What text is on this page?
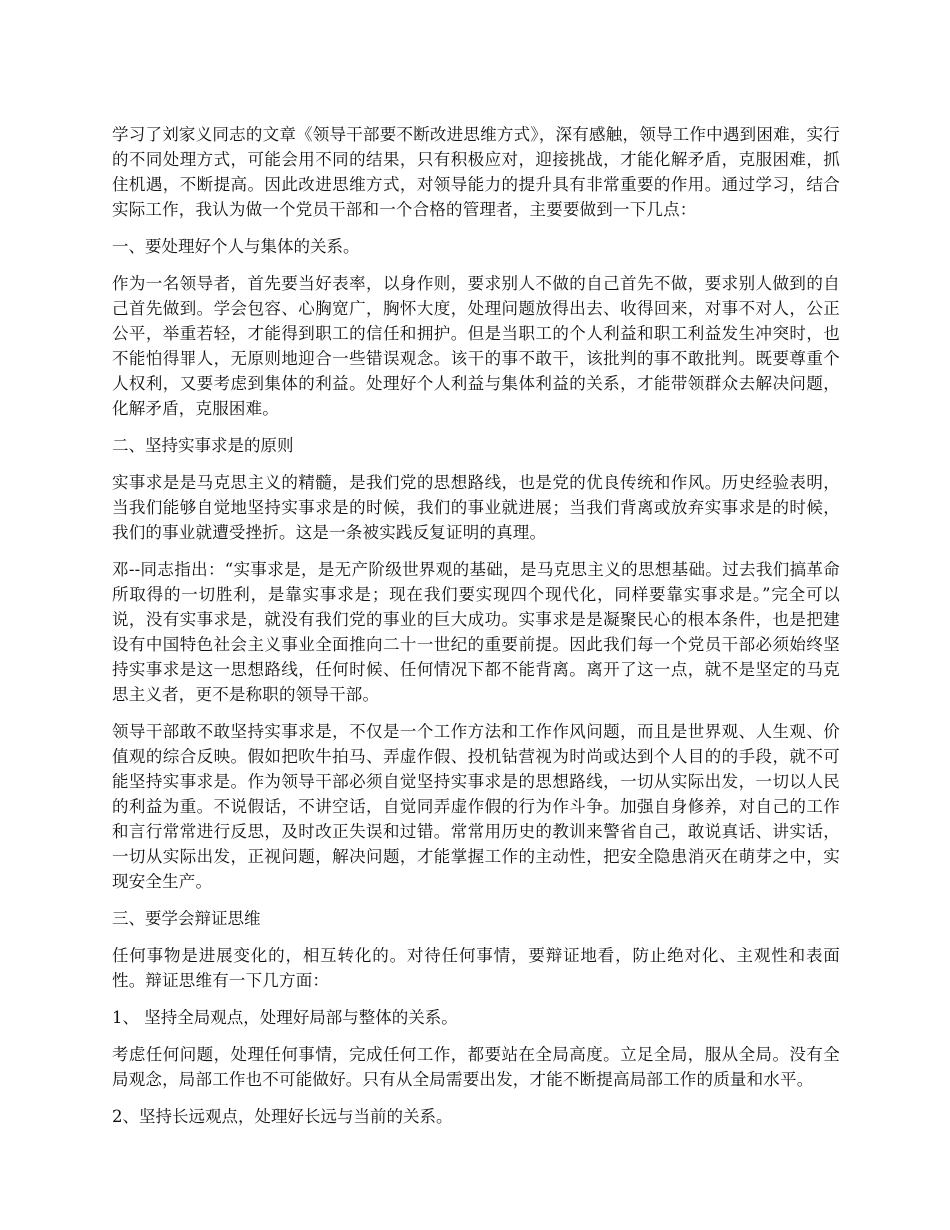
学习了刘家义同志的文章《领导干部要不断改进思维方式》，深有感触，领导工作中遇到困难，实行的不同处理方式，可能会用不同的结果，只有积极应对，迎接挑战，才能化解矛盾，克服困难，抓住机遇，不断提高。因此改进思维方式，对领导能力的提升具有非常重要的作用。通过学习，结合实际工作，我认为做一个党员干部和一个合格的管理者，主要要做到一下几点：

一、要处理好个人与集体的关系。

作为一名领导者，首先要当好表率，以身作则，要求别人不做的自己首先不做，要求别人做到的自己首先做到。学会包容、心胸宽广，胸怀大度，处理问题放得出去、收得回来，对事不对人，公正公平，举重若轻，才能得到职工的信任和拥护。但是当职工的个人利益和职工利益发生冲突时，也不能怕得罪人，无原则地迎合一些错误观念。该干的事不敢干，该批判的事不敢批判。既要尊重个人权利，又要考虑到集体的利益。处理好个人利益与集体利益的关系，才能带领群众去解决问题，化解矛盾，克服困难。

二、坚持实事求是的原则

实事求是是马克思主义的精髓，是我们党的思想路线，也是党的优良传统和作风。历史经验表明，当我们能够自觉地坚持实事求是的时候，我们的事业就进展；当我们背离或放弃实事求是的时候，我们的事业就遭受挫折。这是一条被实践反复证明的真理。

邓--同志指出：“实事求是，是无产阶级世界观的基础，是马克思主义的思想基础。过去我们搞革命所取得的一切胜利，是靠实事求是；现在我们要实现四个现代化，同样要靠实事求是。”完全可以说，没有实事求是，就没有我们党的事业的巨大成功。实事求是是凝聚民心的根本条件，也是把建设有中国特色社会主义事业全面推向二十一世纪的重要前提。因此我们每一个党员干部必须始终坚持实事求是这一思想路线，任何时候、任何情况下都不能背离。离开了这一点，就不是坚定的马克思主义者，更不是称职的领导干部。

领导干部敢不敢坚持实事求是，不仅是一个工作方法和工作作风问题，而且是世界观、人生观、价值观的综合反映。假如把吹牛拍马、弄虚作假、投机钻营视为时尚或达到个人目的的手段，就不可能坚持实事求是。作为领导干部必须自觉坚持实事求是的思想路线，一切从实际出发，一切以人民的利益为重。不说假话，不讲空话，自觉同弄虚作假的行为作斗争。加强自身修养，对自己的工作和言行常常进行反思，及时改正失误和过错。常常用历史的教训来警省自己，敢说真话、讲实话，一切从实际出发，正视问题，解决问题，才能掌握工作的主动性，把安全隐患消灭在萌芽之中，实现安全生产。

三、要学会辩证思维

任何事物是进展变化的，相互转化的。对待任何事情，要辩证地看，防止绝对化、主观性和表面性。辩证思维有一下几方面：

1、 坚持全局观点，处理好局部与整体的关系。

考虑任何问题，处理任何事情，完成任何工作，都要站在全局高度。立足全局，服从全局。没有全局观念，局部工作也不可能做好。只有从全局需要出发，才能不断提高局部工作的质量和水平。

2、坚持长远观点，处理好长远与当前的关系。
